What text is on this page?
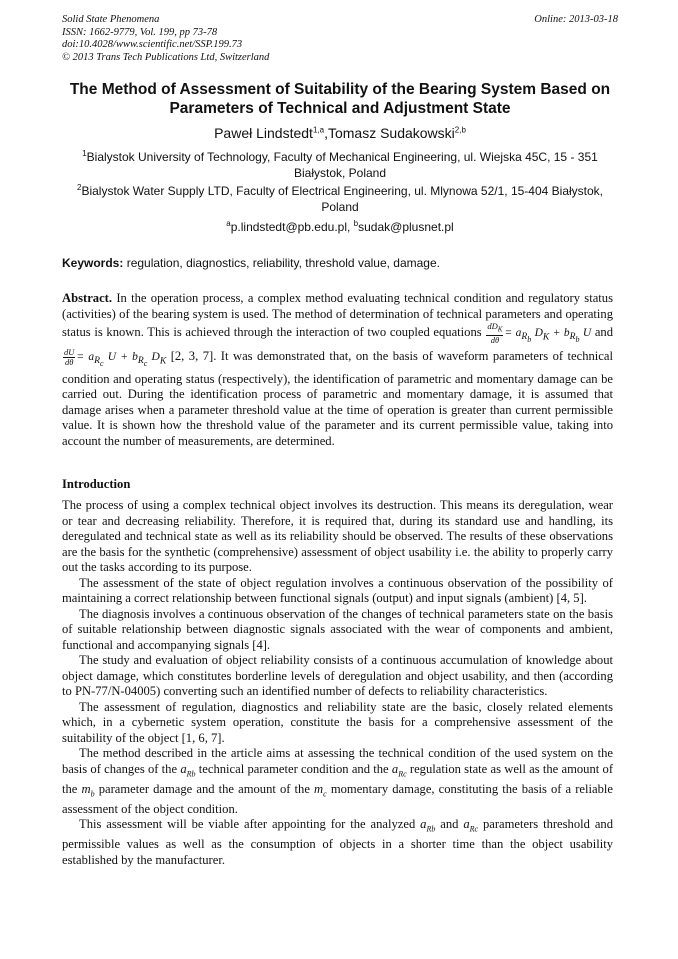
Solid State Phenomena
ISSN: 1662-9779, Vol. 199, pp 73-78
doi:10.4028/www.scientific.net/SSP.199.73
© 2013 Trans Tech Publications Ltd, Switzerland
Online: 2013-03-18
The Method of Assessment of Suitability of the Bearing System Based on Parameters of Technical and Adjustment State
Paweł Lindstedt$^{1,a}$,Tomasz Sudakowski$^{2,b}$
$^1$Bialystok University of Technology, Faculty of Mechanical Engineering, ul. Wiejska 45C, 15 - 351 Białystok, Poland
$^2$Bialystok Water Supply LTD, Faculty of Electrical Engineering, ul. Mlynowa 52/1, 15-404 Białystok, Poland
$^a$p.lindstedt@pb.edu.pl, $^b$sudak@plusnet.pl
Keywords: regulation, diagnostics, reliability, threshold value, damage.
Abstract. In the operation process, a complex method evaluating technical condition and regulatory status (activities) of the bearing system is used. The method of determination of technical parameters and operating status is known. This is achieved through the interaction of two coupled equations $\frac{dD_K}{d\theta} = a_{R_b}$ $D_K + b_{R_b}$ U and
$\frac{dU}{d\theta} = a_{R_c}$ $U + b_{R_c}$ $D_K$ [2, 3, 7]. It was demonstrated that, on the basis of waveform parameters of technical condition and operating status (respectively), the identification of parametric and momentary damage can be carried out. During the identification process of parametric and momentary damage, it is assumed that damage arises when a parameter threshold value at the time of operation is greater than current permissible value. It is shown how the threshold value of the parameter and its current permissible value, taking into account the number of measurements, are determined.
Introduction

The process of using a complex technical object involves its destruction. This means its deregulation, wear or tear and decreasing reliability. Therefore, it is required that, during its standard use and handling, its deregulated and technical state as well as its reliability should be observed. The results of these observations are the basis for the synthetic (comprehensive) assessment of object usability i.e. the ability to properly carry out the tasks according to its purpose.

The assessment of the state of object regulation involves a continuous observation of the possibility of maintaining a correct relationship between functional signals (output) and input signals (ambient) [4, 5].

The diagnosis involves a continuous observation of the changes of technical parameters state on the basis of suitable relationship between diagnostic signals associated with the wear of components and ambient, functional and accompanying signals [4].

The study and evaluation of object reliability consists of a continuous accumulation of knowledge about object damage, which constitutes borderline levels of deregulation and object usability, and then (according to PN-77/N-04005) converting such an identified number of defects to reliability characteristics.

The assessment of regulation, diagnostics and reliability state are the basic, closely related elements which, in a cybernetic system operation, constitute the basis for a comprehensive assessment of the suitability of the object [1, 6, 7].

The method described in the article aims at assessing the technical condition of the used system on the basis of changes of the $a_{Rb}$ technical parameter condition and the $a_{Rc}$ regulation state as well as the amount of the $m_b$ parameter damage and the amount of the $m_c$ momentary damage, constituting the basis of a reliable assessment of the object condition.

This assessment will be viable after appointing for the analyzed $a_{Rb}$ and $a_{Rc}$ parameters threshold and permissible values as well as the consumption of objects in a shorter time than the object usability established by the manufacturer.
